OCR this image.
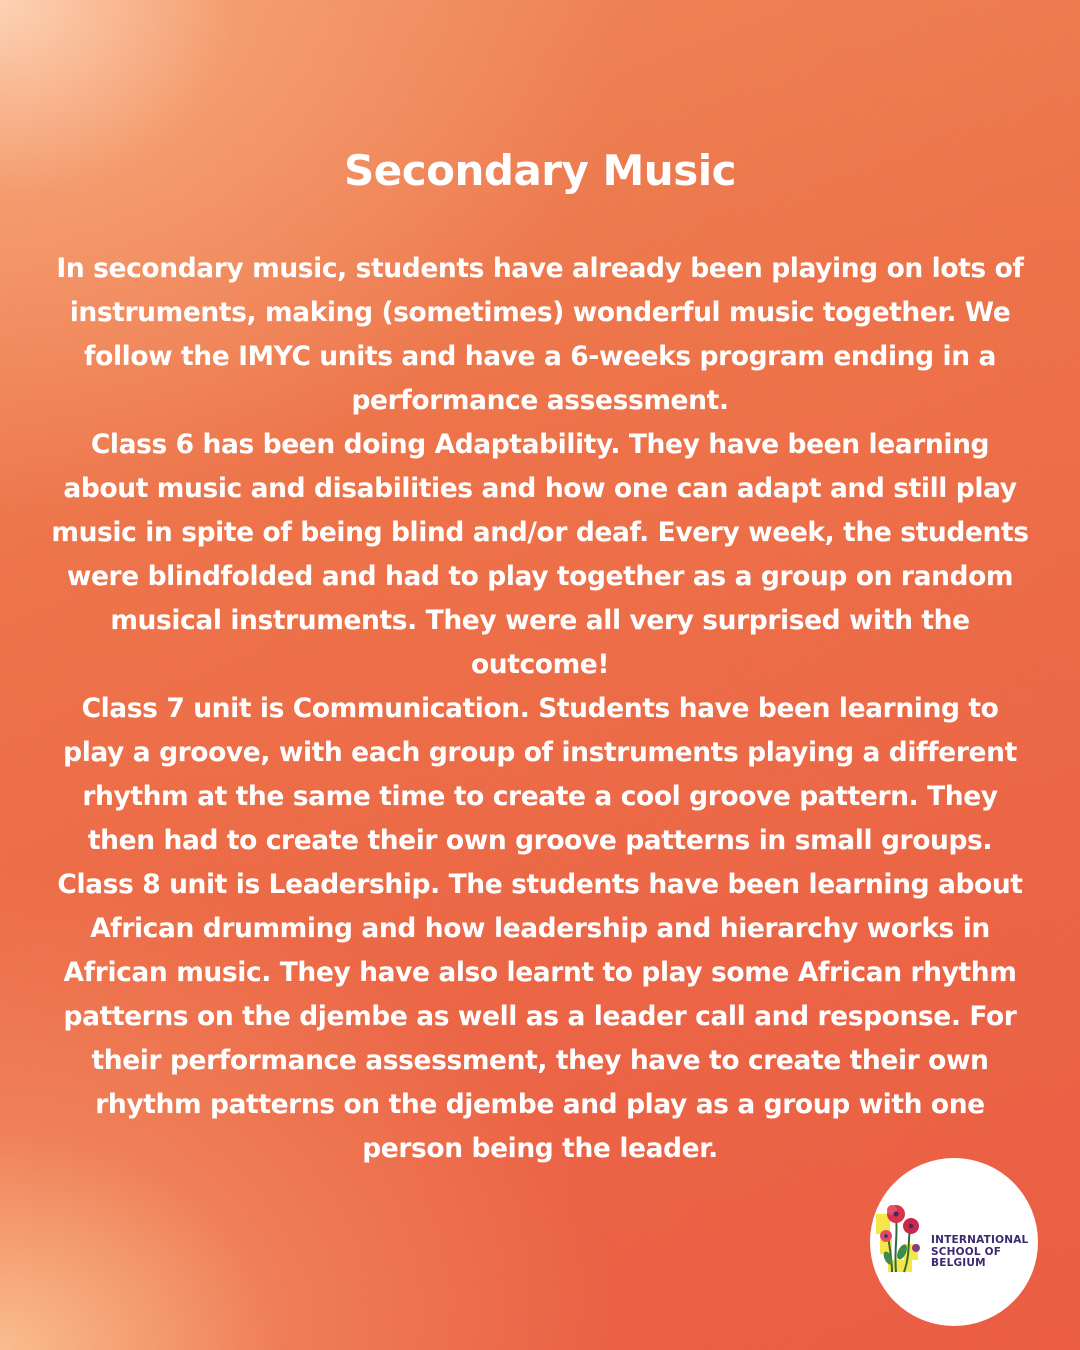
Secondary Music

In secondary music, students have already been playing on lots of instruments, making (sometimes) wonderful music together. We follow the IMYC units and have a 6-weeks program ending in a performance assessment.

Class 6 has been doing Adaptability. They have been learning about music and disabilities and how one can adapt and still play music in spite of being blind and/or deaf. Every week, the students were blindfolded and had to play together as a group on random musical instruments. They were all very surprised with the outcome!

Class 7 unit is Communication. Students have been learning to play a groove, with each group of instruments playing a different rhythm at the same time to create a cool groove pattern. They then had to create their own groove patterns in small groups.

Class 8 unit is Leadership. The students have been learning about African drumming and how leadership and hierarchy works in African music. They have also learnt to play some African rhythm patterns on the djembe as well as a leader call and response. For their performance assessment, they have to create their own rhythm patterns on the djembe and play as a group with one person being the leader.

INTERNATIONAL
SCHOOL OF
BELGIUM
